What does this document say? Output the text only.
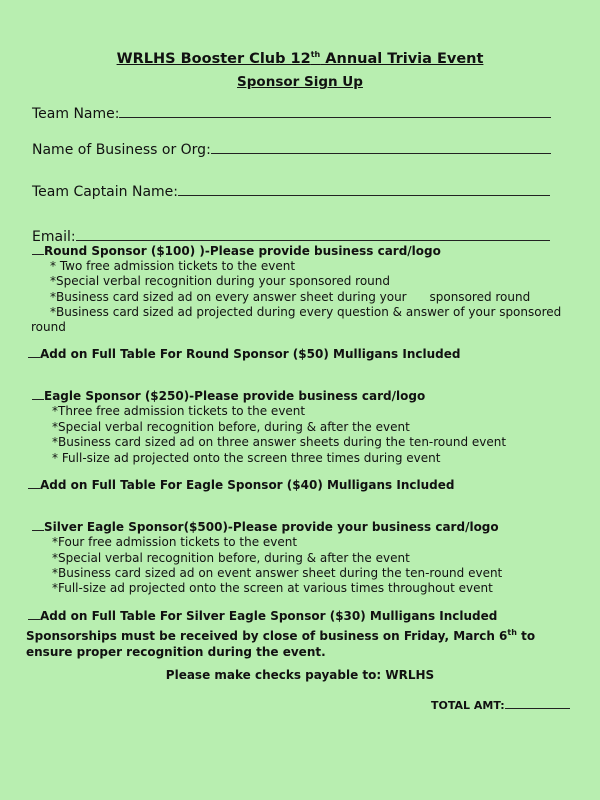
WRLHS Booster Club 12th Annual Trivia Event
Sponsor Sign Up
Team Name:
Name of Business or Org:
Team Captain Name:
Email:
Round Sponsor ($100) )-Please provide business card/logo
* Two free admission tickets to the event
*Special verbal recognition during your sponsored round
*Business card sized ad on every answer sheet during your      sponsored round
*Business card sized ad projected during every question & answer of your sponsored
round
Add on Full Table For Round Sponsor ($50) Mulligans Included
Eagle Sponsor ($250)-Please provide business card/logo
*Three free admission tickets to the event
*Special verbal recognition before, during & after the event
*Business card sized ad on three answer sheets during the ten-round event
* Full-size ad projected onto the screen three times during event
Add on Full Table For Eagle Sponsor ($40) Mulligans Included
Silver Eagle Sponsor($500)-Please provide your business card/logo
*Four free admission tickets to the event
*Special verbal recognition before, during & after the event
*Business card sized ad on event answer sheet during the ten-round event
*Full-size ad projected onto the screen at various times throughout event
Add on Full Table For Silver Eagle Sponsor ($30) Mulligans Included
Sponsorships must be received by close of business on Friday, March 6th to ensure proper recognition during the event.
Please make checks payable to: WRLHS
TOTAL AMT:
